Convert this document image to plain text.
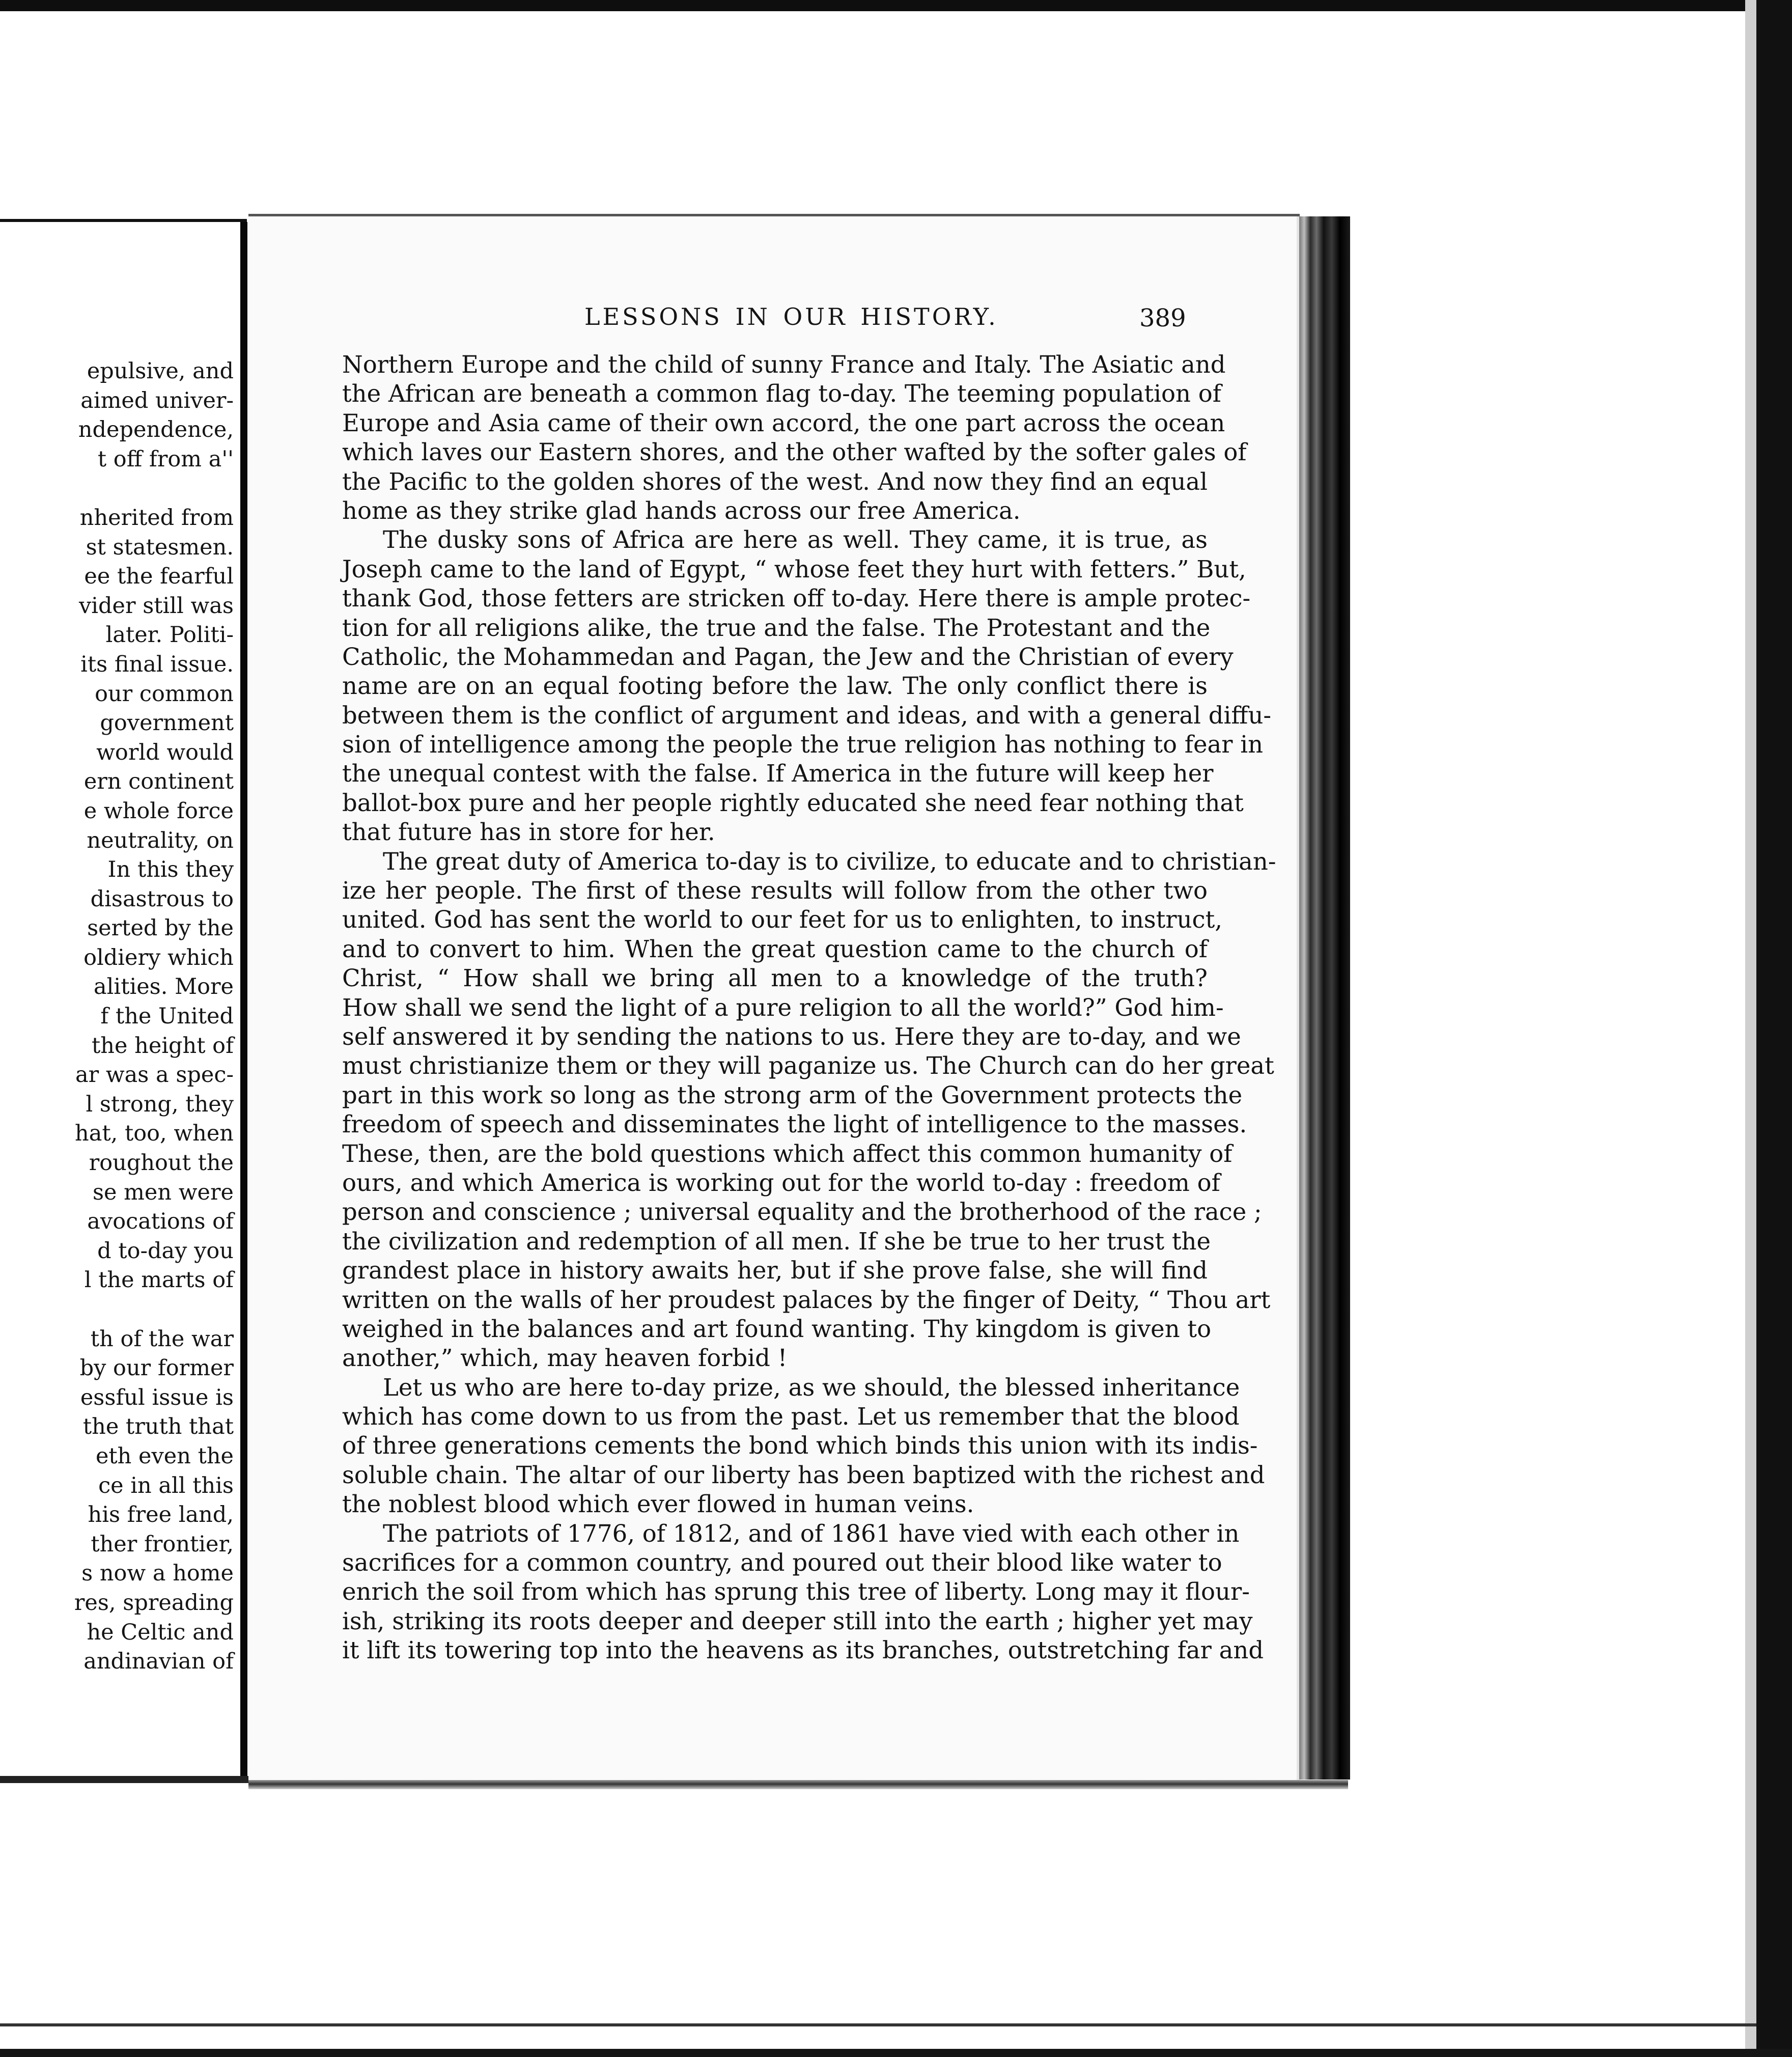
epulsive, and
aimed univer-
ndependence,
t off from a''
nherited from
st statesmen.
ee the fearful
vider still was
later. Politi-
its final issue.
our common
government
world would
ern continent
e whole force
neutrality, on
In this they
disastrous to
serted by the
oldiery which
alities. More
f the United
the height of
ar was a spec-
l strong, they
hat, too, when
roughout the
se men were
avocations of
d to-day you
l the marts of
th of the war
by our former
essful issue is
the truth that
eth even the
ce in all this
his free land,
ther frontier,
s now a home
res, spreading
he Celtic and
andinavian of
LESSONS IN OUR HISTORY.	389
Northern Europe and the child of sunny France and Italy. The Asiatic and
the African are beneath a common flag to-day. The teeming population of
Europe and Asia came of their own accord, the one part across the ocean
which laves our Eastern shores, and the other wafted by the softer gales of
the Pacific to the golden shores of the west. And now they find an equal
home as they strike glad hands across our free America.
The dusky sons of Africa are here as well. They came, it is true, as
Joseph came to the land of Egypt, “ whose feet they hurt with fetters.” But,
thank God, those fetters are stricken off to-day. Here there is ample protec-
tion for all religions alike, the true and the false. The Protestant and the
Catholic, the Mohammedan and Pagan, the Jew and the Christian of every
name are on an equal footing before the law. The only conflict there is
between them is the conflict of argument and ideas, and with a general diffu-
sion of intelligence among the people the true religion has nothing to fear in
the unequal contest with the false. If America in the future will keep her
ballot-box pure and her people rightly educated she need fear nothing that
that future has in store for her.
The great duty of America to-day is to civilize, to educate and to christian-
ize her people. The first of these results will follow from the other two
united. God has sent the world to our feet for us to enlighten, to instruct,
and to convert to him. When the great question came to the church of
Christ, “ How shall we bring all men to a knowledge of the truth?
How shall we send the light of a pure religion to all the world?” God him-
self answered it by sending the nations to us. Here they are to-day, and we
must christianize them or they will paganize us. The Church can do her great
part in this work so long as the strong arm of the Government protects the
freedom of speech and disseminates the light of intelligence to the masses.
These, then, are the bold questions which affect this common humanity of
ours, and which America is working out for the world to-day : freedom of
person and conscience ; universal equality and the brotherhood of the race ;
the civilization and redemption of all men. If she be true to her trust the
grandest place in history awaits her, but if she prove false, she will find
written on the walls of her proudest palaces by the finger of Deity, “ Thou art
weighed in the balances and art found wanting. Thy kingdom is given to
another,” which, may heaven forbid !
Let us who are here to-day prize, as we should, the blessed inheritance
which has come down to us from the past. Let us remember that the blood
of three generations cements the bond which binds this union with its indis-
soluble chain. The altar of our liberty has been baptized with the richest and
the noblest blood which ever flowed in human veins.
The patriots of 1776, of 1812, and of 1861 have vied with each other in
sacrifices for a common country, and poured out their blood like water to
enrich the soil from which has sprung this tree of liberty. Long may it flour-
ish, striking its roots deeper and deeper still into the earth ; higher yet may
it lift its towering top into the heavens as its branches, outstretching far and
